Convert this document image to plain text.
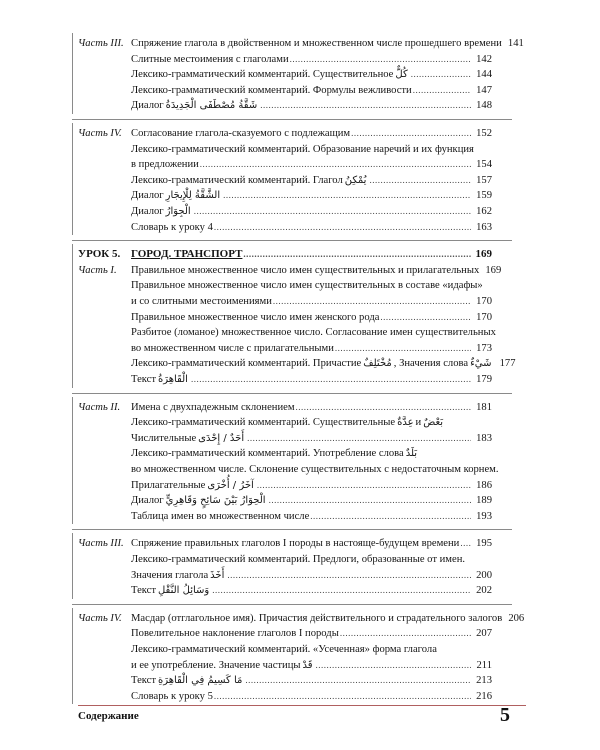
Часть III. Спряжение глагола в двойственном и множественном числе прошедшего времени 141
Слитные местоимения с глаголами .....	142
Лексико-грамматический комментарий. Существительное كُلٌّ .....	144
Лексико-грамматический комментарий. Формулы вежливости .....	147
Диалог شَقَّةُ مُصْطَفَى الْجَدِيدَةُ .....	148
Часть IV. Согласование глагола-сказуемого с подлежащим .....	152
Лексико-грамматический комментарий. Образование наречий и их функция
в предложении .....	154
Лексико-грамматический комментарий. Глагол يُمْكِنُ .....	157
Диалог الشَّقَّةُ لِلْإِيجَارِ .....	159
Диалог الْجِوَارُ .....	162
Словарь к уроку 4 .....	163
УРОК 5. ГОРОД. ТРАНСПОРТ .....	169
Часть I. Правильное множественное число имен существительных и прилагательных 169
Правильное множественное число имен существительных в составе «идафы»
и со слитными местоимениями .....	170
Правильное множественное число имен женского рода .....	170
Разбитое (ломаное) множественное число. Согласование имен существительных
во множественном числе с прилагательными .....	173
Лексико-грамматический комментарий. Причастие مُخْتَلِفٌ , Значения слова شَيْءٌ 177
Текст الْقَاهِرَةُ .....	179
Часть II. Имена с двухпадежным склонением .....	181
Лексико-грамматический комментарий. Существительные عِدَّةٌ и بَعْضٌ
Числительные أَحَدٌ / إِحْدَى .....	183
Лексико-грамматический комментарий. Употребление слова بَلَدٌ
во множественном числе. Склонение существительных с недостаточным корнем.
Прилагательные آخَرُ / أُخْرَى .....	186
Диалог الْحِوَارُ بَيْنَ سَائِحٍ وَقَاهِرِيٍّ .....	189
Таблица имен во множественном числе .....	193
Часть III. Спряжение правильных глаголов I породы в настояще-будущем времени .....	195
Лексико-грамматический комментарий. Предлоги, образованные от имен.
Значения глагола أَخَذَ .....	200
Текст وَسَائِلُ النَّقْلِ .....	202
Часть IV. Масдар (отглагольное имя). Причастия действительного и страдательного залогов 206
Повелительное наклонение глаголов I породы .....	207
Лексико-грамматический комментарий. «Усеченная» форма глагола
и ее употребление. Значение частицы قَدْ .....	211
Текст مَا كَسِيمُ فِي الْقَاهِرَةِ .....	213
Словарь к уроку 5 .....	216
Содержание	5
